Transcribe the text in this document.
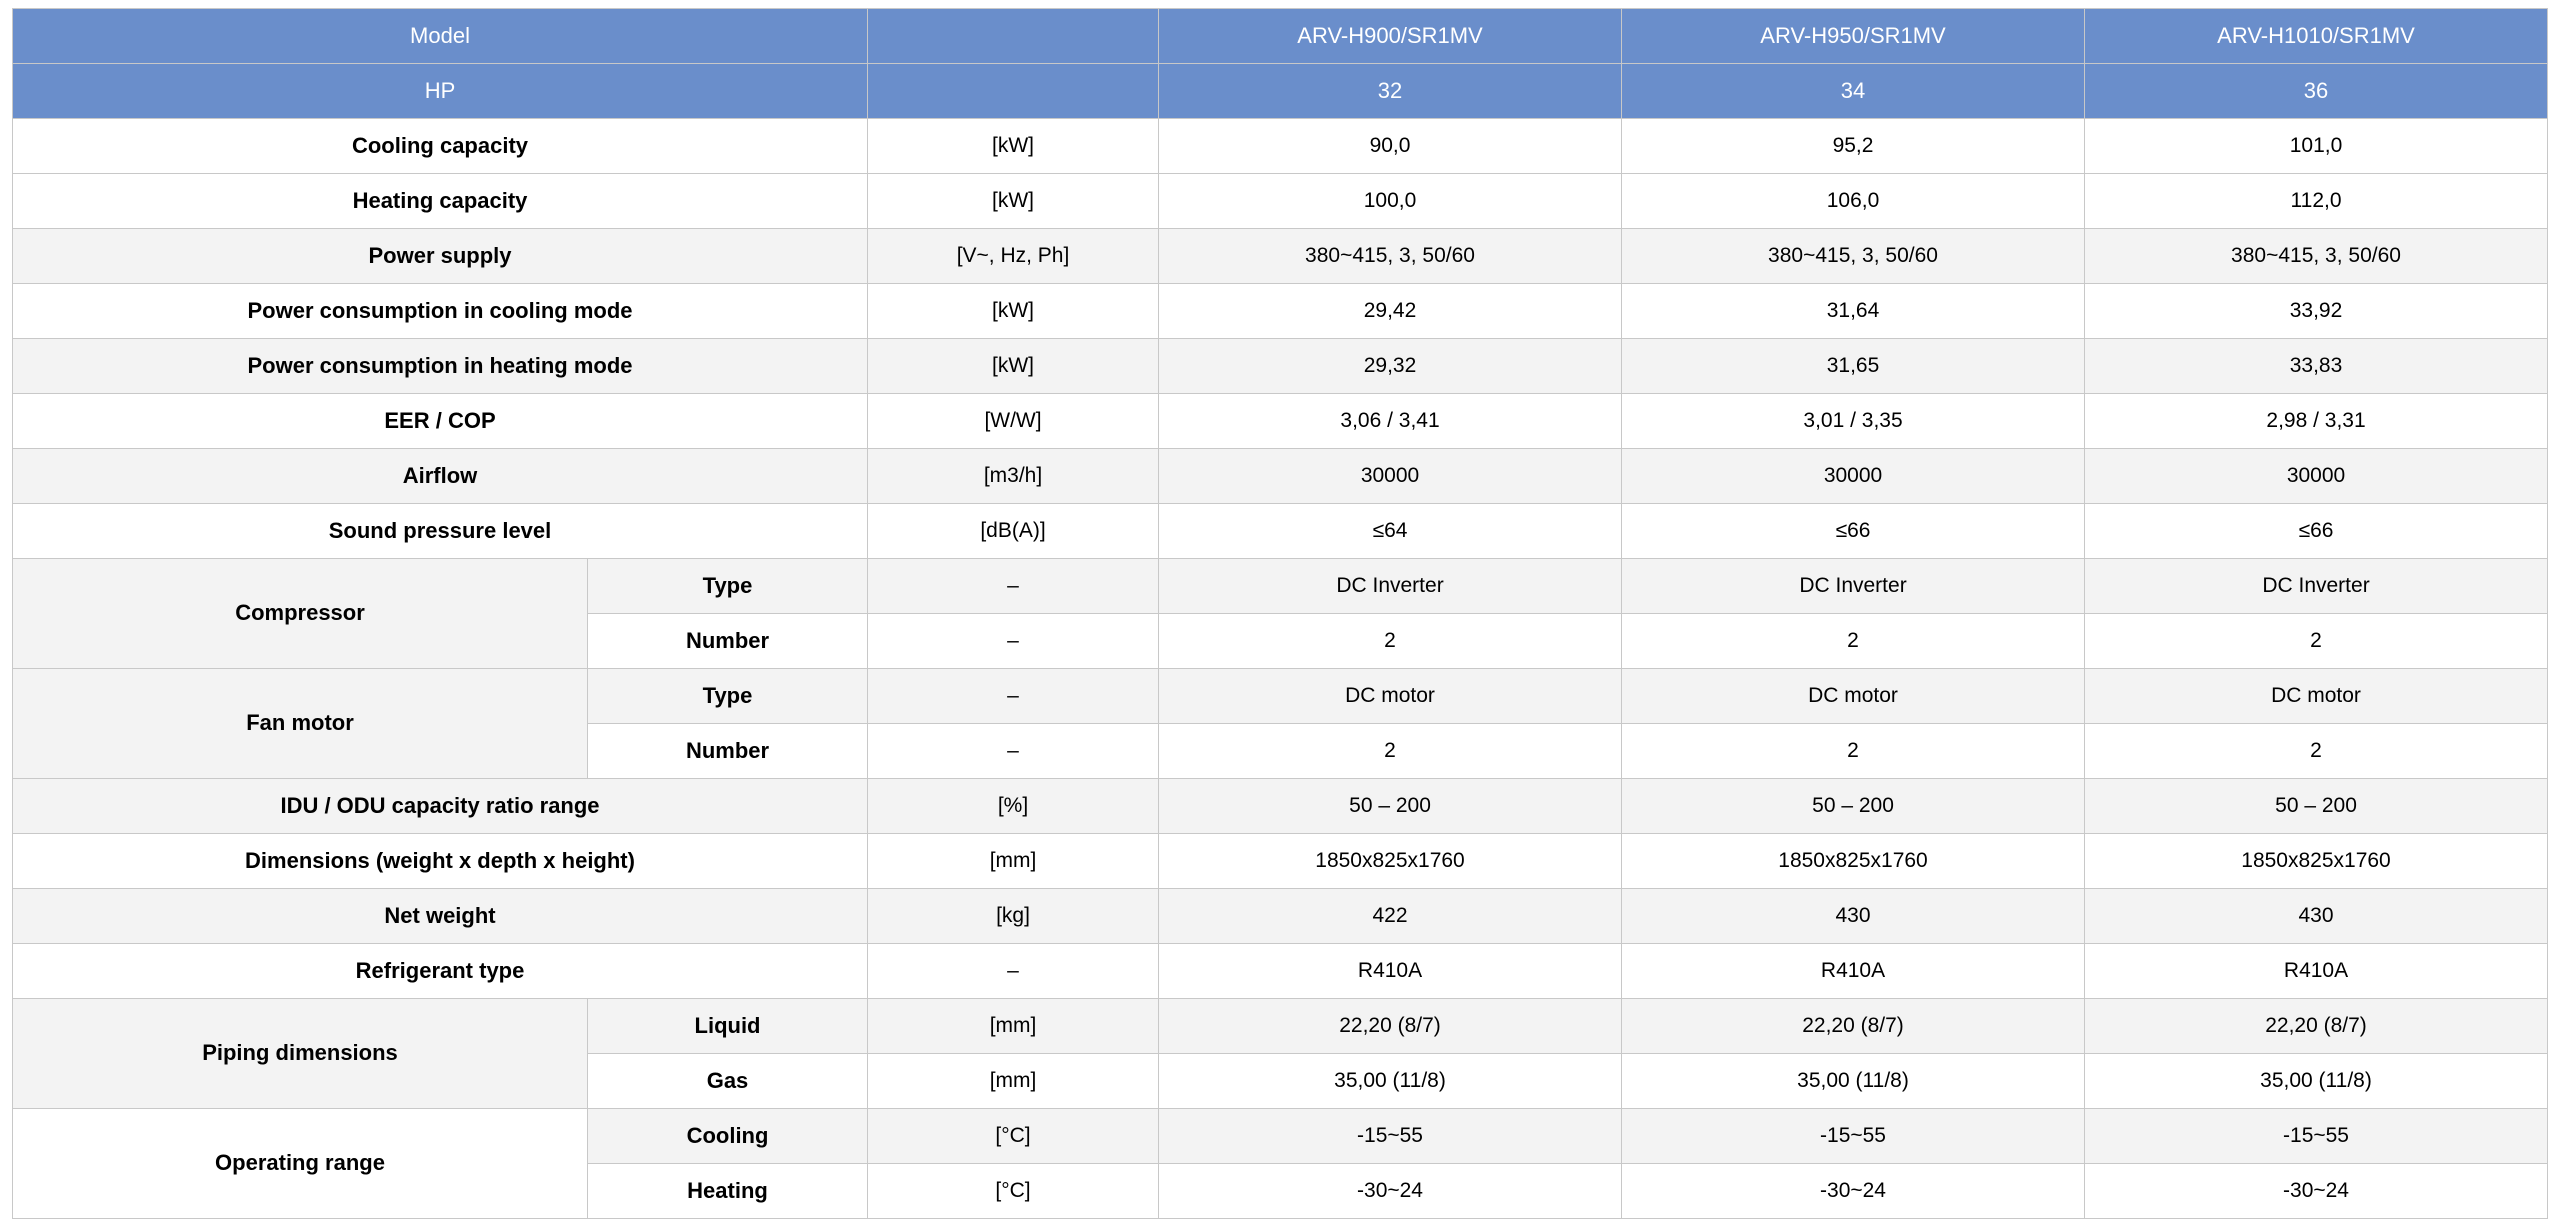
Model			ARV-H900/SR1MV	ARV-H950/SR1MV	ARV-H1010/SR1MV
HP			32	34	36
Cooling capacity		[kW]	90,0	95,2	101,0
Heating capacity		[kW]	100,0	106,0	112,0
Power supply		[V~, Hz, Ph]	380~415, 3, 50/60	380~415, 3, 50/60	380~415, 3, 50/60
Power consumption in cooling mode		[kW]	29,42	31,64	33,92
Power consumption in heating mode		[kW]	29,32	31,65	33,83
EER / COP		[W/W]	3,06 / 3,41	3,01 / 3,35	2,98 / 3,31
Airflow		[m3/h]	30000	30000	30000
Sound pressure level		[dB(A)]	≤64	≤66	≤66
Compressor	Type	–	DC Inverter	DC Inverter	DC Inverter
	Number	–	2	2	2
Fan motor	Type	–	DC motor	DC motor	DC motor
	Number	–	2	2	2
IDU / ODU capacity ratio range		[%]	50 – 200	50 – 200	50 – 200
Dimensions (weight x depth x height)		[mm]	1850x825x1760	1850x825x1760	1850x825x1760
Net weight		[kg]	422	430	430
Refrigerant type		–	R410A	R410A	R410A
Piping dimensions	Liquid	[mm]	22,20 (8/7)	22,20 (8/7)	22,20 (8/7)
	Gas	[mm]	35,00 (11/8)	35,00 (11/8)	35,00 (11/8)
Operating range	Cooling	[°C]	-15~55	-15~55	-15~55
	Heating	[°C]	-30~24	-30~24	-30~24
